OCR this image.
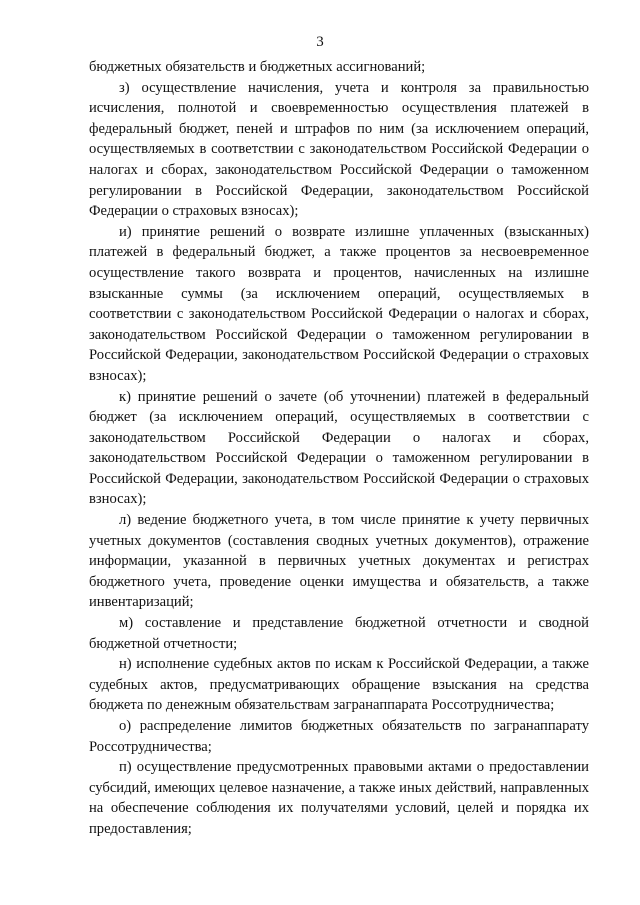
3

бюджетных обязательств и бюджетных ассигнований;

з) осуществление начисления, учета и контроля за правильностью исчисления, полнотой и своевременностью осуществления платежей в федеральный бюджет, пеней и штрафов по ним (за исключением операций, осуществляемых в соответствии с законодательством Российской Федерации о налогах и сборах, законодательством Российской Федерации о таможенном регулировании в Российской Федерации, законодательством Российской Федерации о страховых взносах);

и) принятие решений о возврате излишне уплаченных (взысканных) платежей в федеральный бюджет, а также процентов за несвоевременное осуществление такого возврата и процентов, начисленных на излишне взысканные суммы (за исключением операций, осуществляемых в соответствии с законодательством Российской Федерации о налогах и сборах, законодательством Российской Федерации о таможенном регулировании в Российской Федерации, законодательством Российской Федерации о страховых взносах);

к) принятие решений о зачете (об уточнении) платежей в федеральный бюджет (за исключением операций, осуществляемых в соответствии с законодательством Российской Федерации о налогах и сборах, законодательством Российской Федерации о таможенном регулировании в Российской Федерации, законодательством Российской Федерации о страховых взносах);

л) ведение бюджетного учета, в том числе принятие к учету первичных учетных документов (составления сводных учетных документов), отражение информации, указанной в первичных учетных документах и регистрах бюджетного учета, проведение оценки имущества и обязательств, а также инвентаризаций;

м) составление и представление бюджетной отчетности и сводной бюджетной отчетности;

н) исполнение судебных актов по искам к Российской Федерации, а также судебных актов, предусматривающих обращение взыскания на средства бюджета по денежным обязательствам загранаппарата Россотрудничества;

о) распределение лимитов бюджетных обязательств по загранаппарату Россотрудничества;

п) осуществление предусмотренных правовыми актами о предоставлении субсидий, имеющих целевое назначение, а также иных действий, направленных на обеспечение соблюдения их получателями условий, целей и порядка их предоставления;
